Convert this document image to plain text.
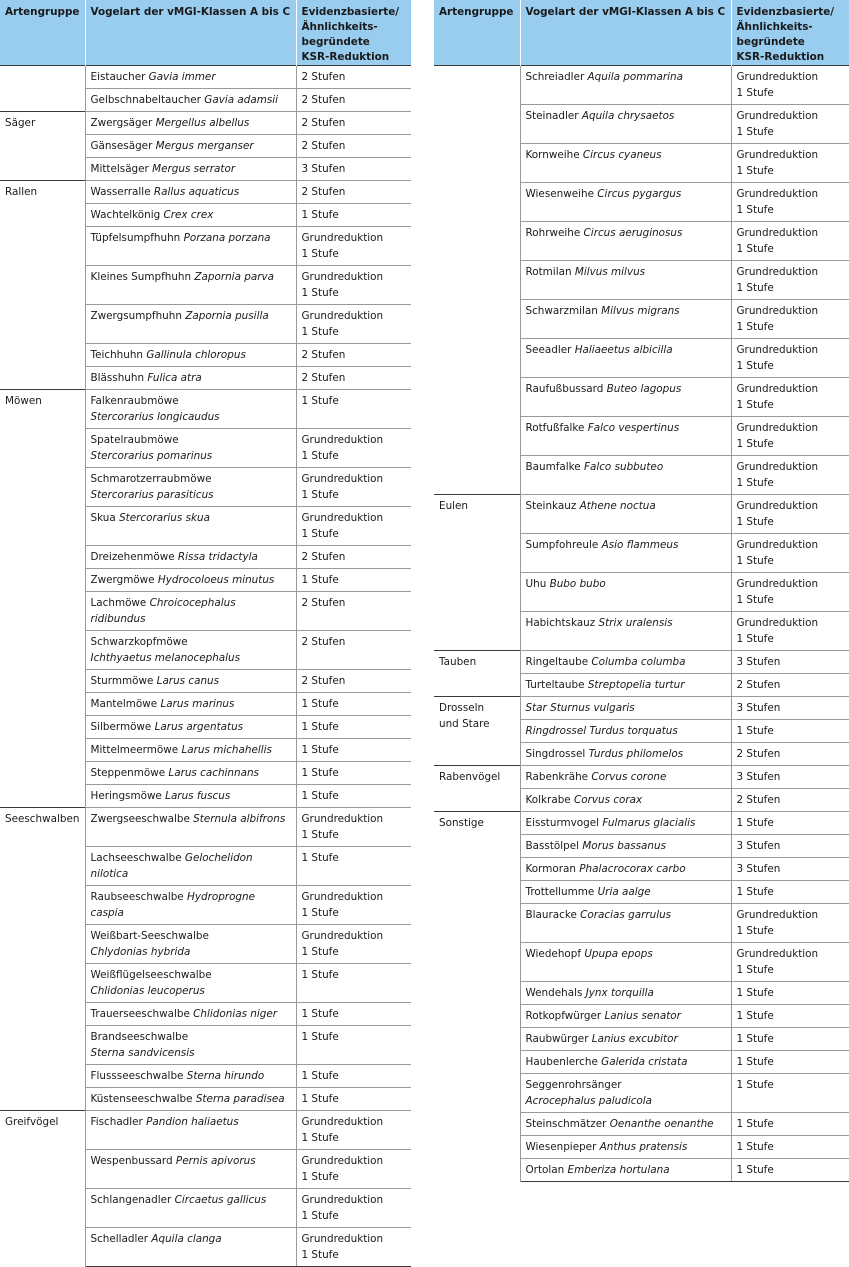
Artengruppe	Vogelart der vMGI-Klassen A bis C	Evidenzbasierte/
Ähnlichkeits-
begründete
KSR-Reduktion
	Eistaucher Gavia immer	2 Stufen
	Gelbschnabeltaucher Gavia adamsii	2 Stufen
Säger	Zwergsäger Mergellus albellus	2 Stufen
	Gänsesäger Mergus merganser	2 Stufen
	Mittelsäger Mergus serrator	3 Stufen
Rallen	Wasserralle Rallus aquaticus	2 Stufen
	Wachtelkönig Crex crex	1 Stufe
	Tüpfelsumpfhuhn Porzana porzana	Grundreduktion
1 Stufe
	Kleines Sumpfhuhn Zapornia parva	Grundreduktion
1 Stufe
	Zwergsumpfhuhn Zapornia pusilla	Grundreduktion
1 Stufe
	Teichhuhn Gallinula chloropus	2 Stufen
	Blässhuhn Fulica atra	2 Stufen
Möwen	Falkenraubmöwe
Stercorarius longicaudus	1 Stufe
	Spatelraubmöwe
Stercorarius pomarinus	Grundreduktion
1 Stufe
	Schmarotzerraubmöwe
Stercorarius parasiticus	Grundreduktion
1 Stufe
	Skua Stercorarius skua	Grundreduktion
1 Stufe
	Dreizehenmöwe Rissa tridactyla	2 Stufen
	Zwergmöwe Hydrocoloeus minutus	1 Stufe
	Lachmöwe Chroicocephalus ridibundus	2 Stufen
	Schwarzkopfmöwe
Ichthyaetus melanocephalus	2 Stufen
	Sturmmöwe Larus canus	2 Stufen
	Mantelmöwe Larus marinus	1 Stufe
	Silbermöwe Larus argentatus	1 Stufe
	Mittelmeermöwe Larus michahellis	1 Stufe
	Steppenmöwe Larus cachinnans	1 Stufe
	Heringsmöwe Larus fuscus	1 Stufe
Seeschwalben	Zwergseeschwalbe Sternula albifrons	Grundreduktion
1 Stufe
	Lachseeschwalbe Gelochelidon nilotica	1 Stufe
	Raubseeschwalbe Hydroprogne caspia	Grundreduktion
1 Stufe
	Weißbart-Seeschwalbe
Chlydonias hybrida	Grundreduktion
1 Stufe
	Weißflügelseeschwalbe
Chlidonias leucoperus	1 Stufe
	Trauerseeschwalbe Chlidonias niger	1 Stufe
	Brandseeschwalbe
Sterna sandvicensis	1 Stufe
	Flussseeschwalbe Sterna hirundo	1 Stufe
	Küstenseeschwalbe Sterna paradisea	1 Stufe
Greifvögel	Fischadler Pandion haliaetus	Grundreduktion
1 Stufe
	Wespenbussard Pernis apivorus	Grundreduktion
1 Stufe
	Schlangenadler Circaetus gallicus	Grundreduktion
1 Stufe
	Schelladler Aquila clanga	Grundreduktion
1 Stufe
Artengruppe	Vogelart der vMGI-Klassen A bis C	Evidenzbasierte/
Ähnlichkeits-
begründete
KSR-Reduktion
	Schreiadler Aquila pommarina	Grundreduktion
1 Stufe
	Steinadler Aquila chrysaetos	Grundreduktion
1 Stufe
	Kornweihe Circus cyaneus	Grundreduktion
1 Stufe
	Wiesenweihe Circus pygargus	Grundreduktion
1 Stufe
	Rohrweihe Circus aeruginosus	Grundreduktion
1 Stufe
	Rotmilan Milvus milvus	Grundreduktion
1 Stufe
	Schwarzmilan Milvus migrans	Grundreduktion
1 Stufe
	Seeadler Haliaeetus albicilla	Grundreduktion
1 Stufe
	Raufußbussard Buteo lagopus	Grundreduktion
1 Stufe
	Rotfußfalke Falco vespertinus	Grundreduktion
1 Stufe
	Baumfalke Falco subbuteo	Grundreduktion
1 Stufe
Eulen	Steinkauz Athene noctua	Grundreduktion
1 Stufe
	Sumpfohreule Asio flammeus	Grundreduktion
1 Stufe
	Uhu Bubo bubo	Grundreduktion
1 Stufe
	Habichtskauz Strix uralensis	Grundreduktion
1 Stufe
Tauben	Ringeltaube Columba columba	3 Stufen
	Turteltaube Streptopelia turtur	2 Stufen
Drosseln
und Stare	Star Sturnus vulgaris	3 Stufen
	Ringdrossel Turdus torquatus	1 Stufe
	Singdrossel Turdus philomelos	2 Stufen
Rabenvögel	Rabenkrähe Corvus corone	3 Stufen
	Kolkrabe Corvus corax	2 Stufen
Sonstige	Eissturmvogel Fulmarus glacialis	1 Stufe
	Basstölpel Morus bassanus	3 Stufen
	Kormoran Phalacrocorax carbo	3 Stufen
	Trottellumme Uria aalge	1 Stufe
	Blauracke Coracias garrulus	Grundreduktion
1 Stufe
	Wiedehopf Upupa epops	Grundreduktion
1 Stufe
	Wendehals Jynx torquilla	1 Stufe
	Rotkopfwürger Lanius senator	1 Stufe
	Raubwürger Lanius excubitor	1 Stufe
	Haubenlerche Galerida cristata	1 Stufe
	Seggenrohrsänger
Acrocephalus paludicola	1 Stufe
	Steinschmätzer Oenanthe oenanthe	1 Stufe
	Wiesenpieper Anthus pratensis	1 Stufe
	Ortolan Emberiza hortulana	1 Stufe
